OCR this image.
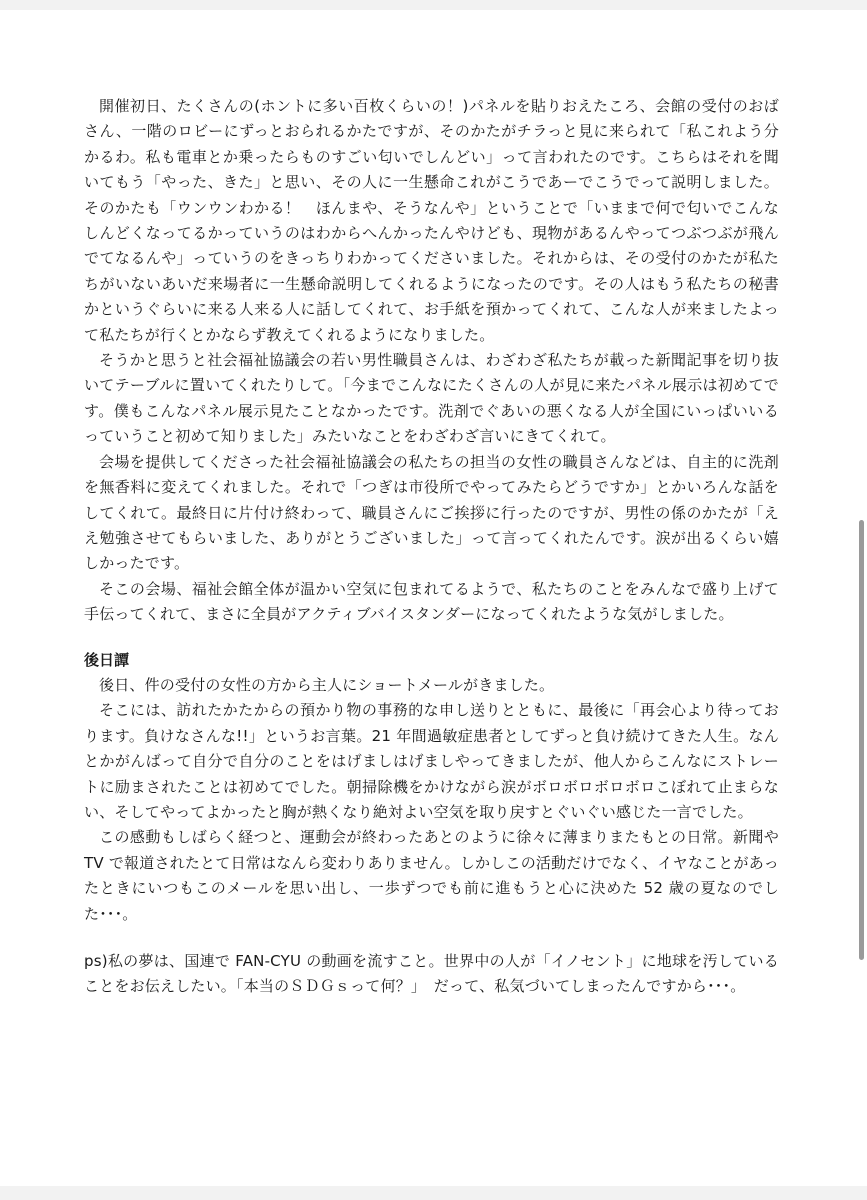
開催初日、たくさんの(ホントに多い百枚くらいの！)パネルを貼りおえたころ、会館の受付のおばさん、一階のロビーにずっとおられるかたですが、そのかたがチラっと見に来られて「私これよう分かるわ。私も電車とか乗ったらものすごい匂いでしんどい」って言われたのです。こちらはそれを聞いてもう「やった、きた」と思い、その人に一生懸命これがこうであーでこうでって説明しました。そのかたも「ウンウンわかる！　ほんまや、そうなんや」ということで「いままで何で匂いでこんなしんどくなってるかっていうのはわからへんかったんやけども、現物があるんやってつぶつぶが飛んでてなるんや」っていうのをきっちりわかってくださいました。それからは、その受付のかたが私たちがいないあいだ来場者に一生懸命説明してくれるようになったのです。その人はもう私たちの秘書かというぐらいに来る人来る人に話してくれて、お手紙を預かってくれて、こんな人が来ましたよって私たちが行くとかならず教えてくれるようになりました。

そうかと思うと社会福祉協議会の若い男性職員さんは、わざわざ私たちが載った新聞記事を切り抜いてテーブルに置いてくれたりして。「今までこんなにたくさんの人が見に来たパネル展示は初めてです。僕もこんなパネル展示見たことなかったです。洗剤でぐあいの悪くなる人が全国にいっぱいいるっていうこと初めて知りました」みたいなことをわざわざ言いにきてくれて。

会場を提供してくださった社会福祉協議会の私たちの担当の女性の職員さんなどは、自主的に洗剤を無香料に変えてくれました。それで「つぎは市役所でやってみたらどうですか」とかいろんな話をしてくれて。最終日に片付け終わって、職員さんにご挨拶に行ったのですが、男性の係のかたが「ええ勉強させてもらいました、ありがとうございました」って言ってくれたんです。涙が出るくらい嬉しかったです。

そこの会場、福祉会館全体が温かい空気に包まれてるようで、私たちのことをみんなで盛り上げて手伝ってくれて、まさに全員がアクティブバイスタンダーになってくれたような気がしました。

後日譚

後日、件の受付の女性の方から主人にショートメールがきました。

そこには、訪れたかたからの預かり物の事務的な申し送りとともに、最後に「再会心より待っております。負けなさんな!!」というお言葉。21 年間過敏症患者としてずっと負け続けてきた人生。なんとかがんばって自分で自分のことをはげましはげましやってきましたが、他人からこんなにストレートに励まされたことは初めてでした。朝掃除機をかけながら涙がボロボロボロボロこぼれて止まらない、そしてやってよかったと胸が熱くなり絶対よい空気を取り戻すとぐいぐい感じた一言でした。

この感動もしばらく経つと、運動会が終わったあとのように徐々に薄まりまたもとの日常。新聞や TV で報道されたとて日常はなんら変わりありません。しかしこの活動だけでなく、イヤなことがあったときにいつもこのメールを思い出し、一歩ずつでも前に進もうと心に決めた 52 歳の夏なのでした･･･。

ps)私の夢は、国連で FAN-CYU の動画を流すこと。世界中の人が「イノセント」に地球を汚していることをお伝えしたい。「本当のＳＤＧｓって何？」　だって、私気づいてしまったんですから･･･。
